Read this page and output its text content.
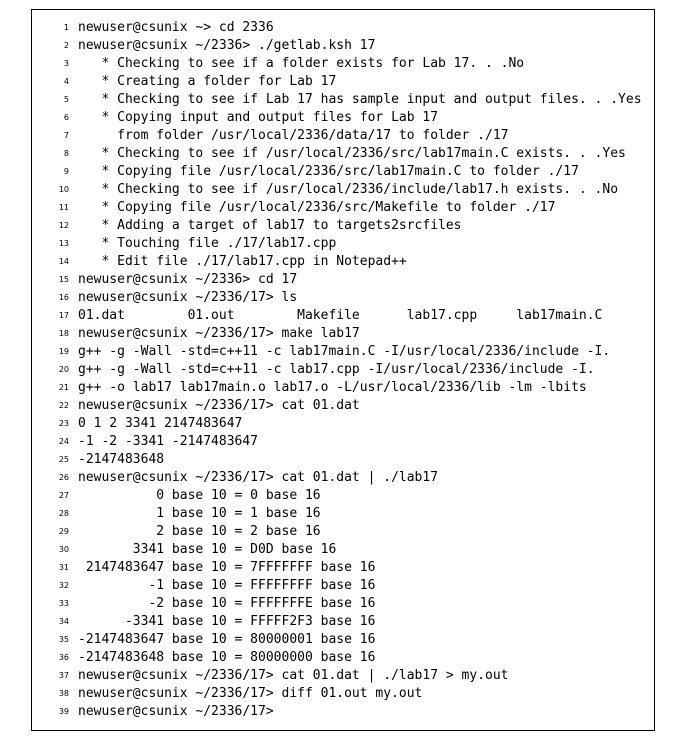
1 newuser@csunix ~> cd 2336
2 newuser@csunix ~/2336> ./getlab.ksh 17
3 * Checking to see if a folder exists for Lab 17. . .No
4 * Creating a folder for Lab 17
5 * Checking to see if Lab 17 has sample input and output files. . .Yes
6 * Copying input and output files for Lab 17
7 from folder /usr/local/2336/data/17 to folder ./17
8 * Checking to see if /usr/local/2336/src/lab17main.C exists. . .Yes
9 * Copying file /usr/local/2336/src/lab17main.C to folder ./17
10 * Checking to see if /usr/local/2336/include/lab17.h exists. . .No
11 * Copying file /usr/local/2336/src/Makefile to folder ./17
12 * Adding a target of lab17 to targets2srcfiles
13 * Touching file ./17/lab17.cpp
14 * Edit file ./17/lab17.cpp in Notepad++
15 newuser@csunix ~/2336> cd 17
16 newuser@csunix ~/2336/17> ls
17 01.dat        01.out        Makefile      lab17.cpp     lab17main.C
18 newuser@csunix ~/2336/17> make lab17
19 g++ -g -Wall -std=c++11 -c lab17main.C -I/usr/local/2336/include -I.
20 g++ -g -Wall -std=c++11 -c lab17.cpp -I/usr/local/2336/include -I.
21 g++ -o lab17 lab17main.o lab17.o -L/usr/local/2336/lib -lm -lbits
22 newuser@csunix ~/2336/17> cat 01.dat
23 0 1 2 3341 2147483647
24 -1 -2 -3341 -2147483647
25 -2147483648
26 newuser@csunix ~/2336/17> cat 01.dat | ./lab17
27 0 base 10 = 0 base 16
28 1 base 10 = 1 base 16
29 2 base 10 = 2 base 16
30 3341 base 10 = D0D base 16
31 2147483647 base 10 = 7FFFFFFF base 16
32 -1 base 10 = FFFFFFFF base 16
33 -2 base 10 = FFFFFFFE base 16
34 -3341 base 10 = FFFFF2F3 base 16
35 -2147483647 base 10 = 80000001 base 16
36 -2147483648 base 10 = 80000000 base 16
37 newuser@csunix ~/2336/17> cat 01.dat | ./lab17 > my.out
38 newuser@csunix ~/2336/17> diff 01.out my.out
39 newuser@csunix ~/2336/17>
